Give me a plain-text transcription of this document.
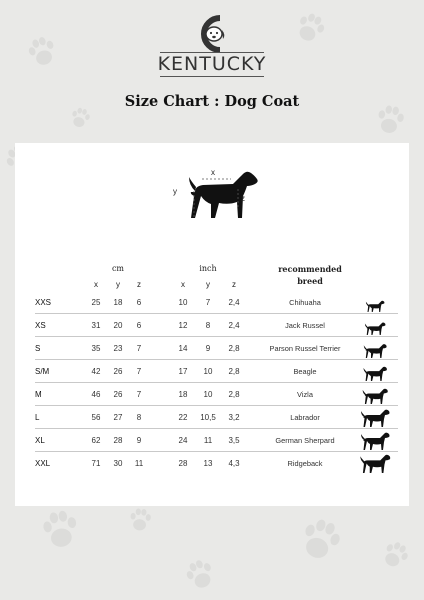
KENTUCKY
Size Chart : Dog Coat
x
y
z
cm	inch	recommended
breed
x	y	z	x	y	z
XXS	25	18	6	10	7	2,4	Chihuaha
XS	31	20	6	12	8	2,4	Jack Russel
S	35	23	7	14	9	2,8	Parson Russel Terrier
S/M	42	26	7	17	10	2,8	Beagle
M	46	26	7	18	10	2,8	Vizla
L	56	27	8	22	10,5	3,2	Labrador
XL	62	28	9	24	11	3,5	German Sherpard
XXL	71	30	11	28	13	4,3	Ridgeback
